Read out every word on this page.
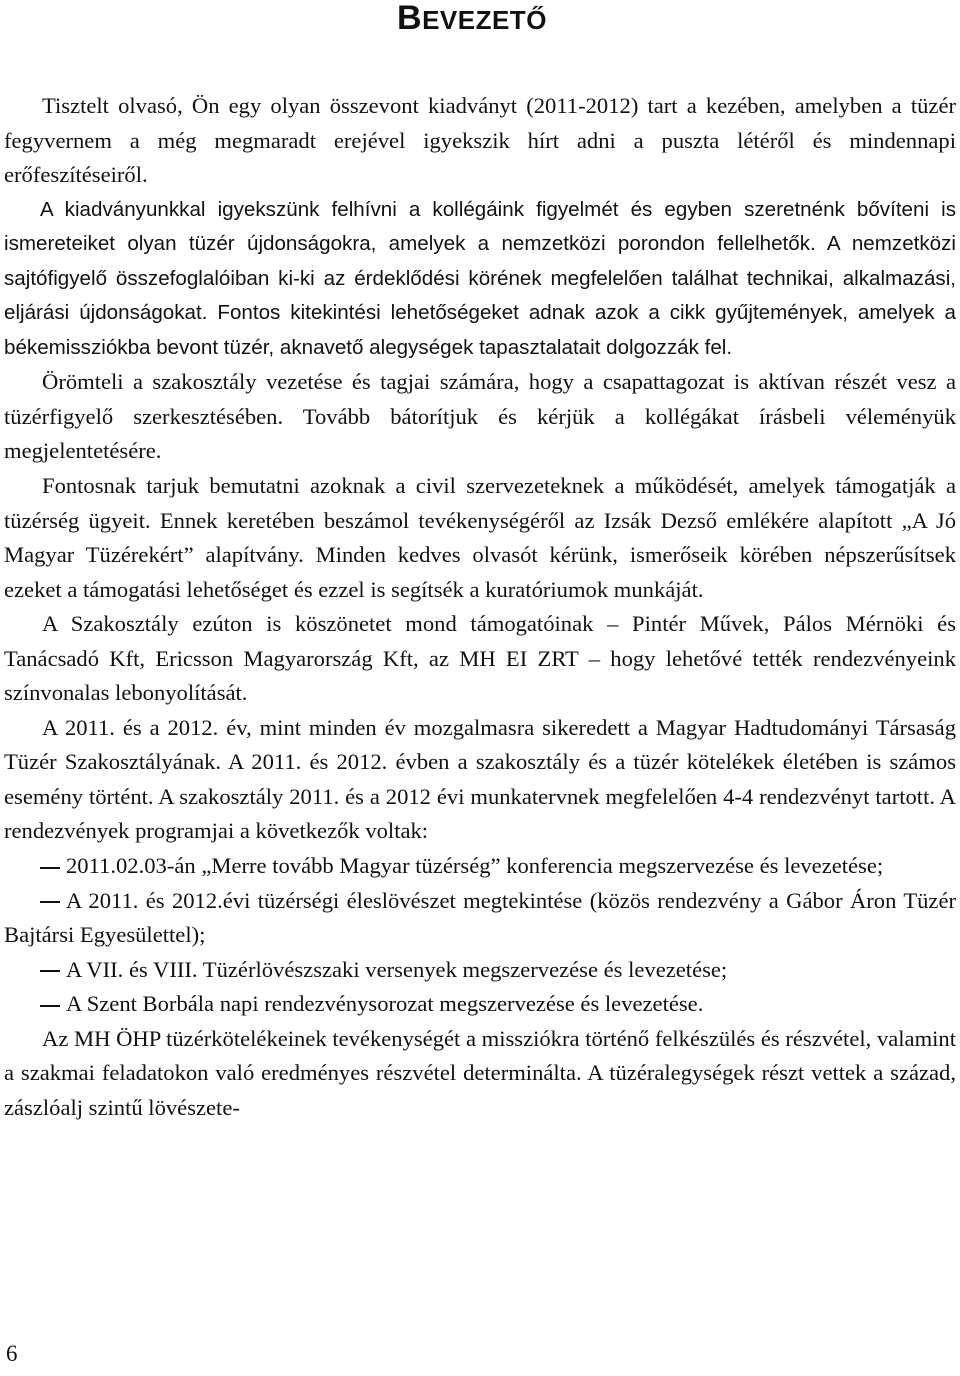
BEVEZETŐ

Tisztelt olvasó, Ön egy olyan összevont kiadványt (2011-2012) tart a kezében, amelyben a tüzér fegyvernem a még megmaradt erejével igyekszik hírt adni a puszta létéről és mindennapi erőfeszítéseiről.

A kiadványunkkal igyekszünk felhívni a kollégáink figyelmét és egyben szeretnénk bővíteni is ismereteiket olyan tüzér újdonságokra, amelyek a nemzetközi porondon fellelhetők. A nemzetközi sajtófigyelő összefoglalóiban ki-ki az érdeklődési körének megfelelően találhat technikai, alkalmazási, eljárási újdonságokat. Fontos kitekintési lehetőségeket adnak azok a cikk gyűjtemények, amelyek a békemissziókba bevont tüzér, aknavető alegységek tapasztalatait dolgozzák fel.

Örömteli a szakosztály vezetése és tagjai számára, hogy a csapattagozat is aktívan részét vesz a tüzérfigyelő szerkesztésében. Tovább bátorítjuk és kérjük a kollégákat írásbeli véleményük megjelentetésére.

Fontosnak tarjuk bemutatni azoknak a civil szervezeteknek a működését, amelyek támogatják a tüzérség ügyeit. Ennek keretében beszámol tevékenységéről az Izsák Dezső emlékére alapított „A Jó Magyar Tüzérekért” alapítvány. Minden kedves olvasót kérünk, ismerőseik körében népszerűsítsek ezeket a támogatási lehetőséget és ezzel is segítsék a kuratóriumok munkáját.

A Szakosztály ezúton is köszönetet mond támogatóinak – Pintér Művek, Pálos Mérnöki és Tanácsadó Kft, Ericsson Magyarország Kft, az MH EI ZRT – hogy lehetővé tették rendezvényeink színvonalas lebonyolítását.

A 2011. és a 2012. év, mint minden év mozgalmasra sikeredett a Magyar Hadtudományi Társaság Tüzér Szakosztályának. A 2011. és 2012. évben a szakosztály és a tüzér kötelékek életében is számos esemény történt. A szakosztály 2011. és a 2012 évi munkatervnek megfelelően 4-4 rendezvényt tartott. A rendezvények programjai a következők voltak:

2011.02.03-án „Merre tovább Magyar tüzérség” konferencia megszervezése és levezetése;

A 2011. és 2012.évi tüzérségi éleslövészet megtekintése (közös rendezvény a Gábor Áron Tüzér Bajtársi Egyesülettel);

A VII. és VIII. Tüzérlövészszaki versenyek megszervezése és levezetése;

A Szent Borbála napi rendezvénysorozat megszervezése és levezetése.

Az MH ÖHP tüzérkötelékeinek tevékenységét a missziókra történő felkészülés és részvétel, valamint a szakmai feladatokon való eredményes részvétel determinálta. A tüzéralegységek részt vettek a század, zászlóalj szintű lövészete-

6
